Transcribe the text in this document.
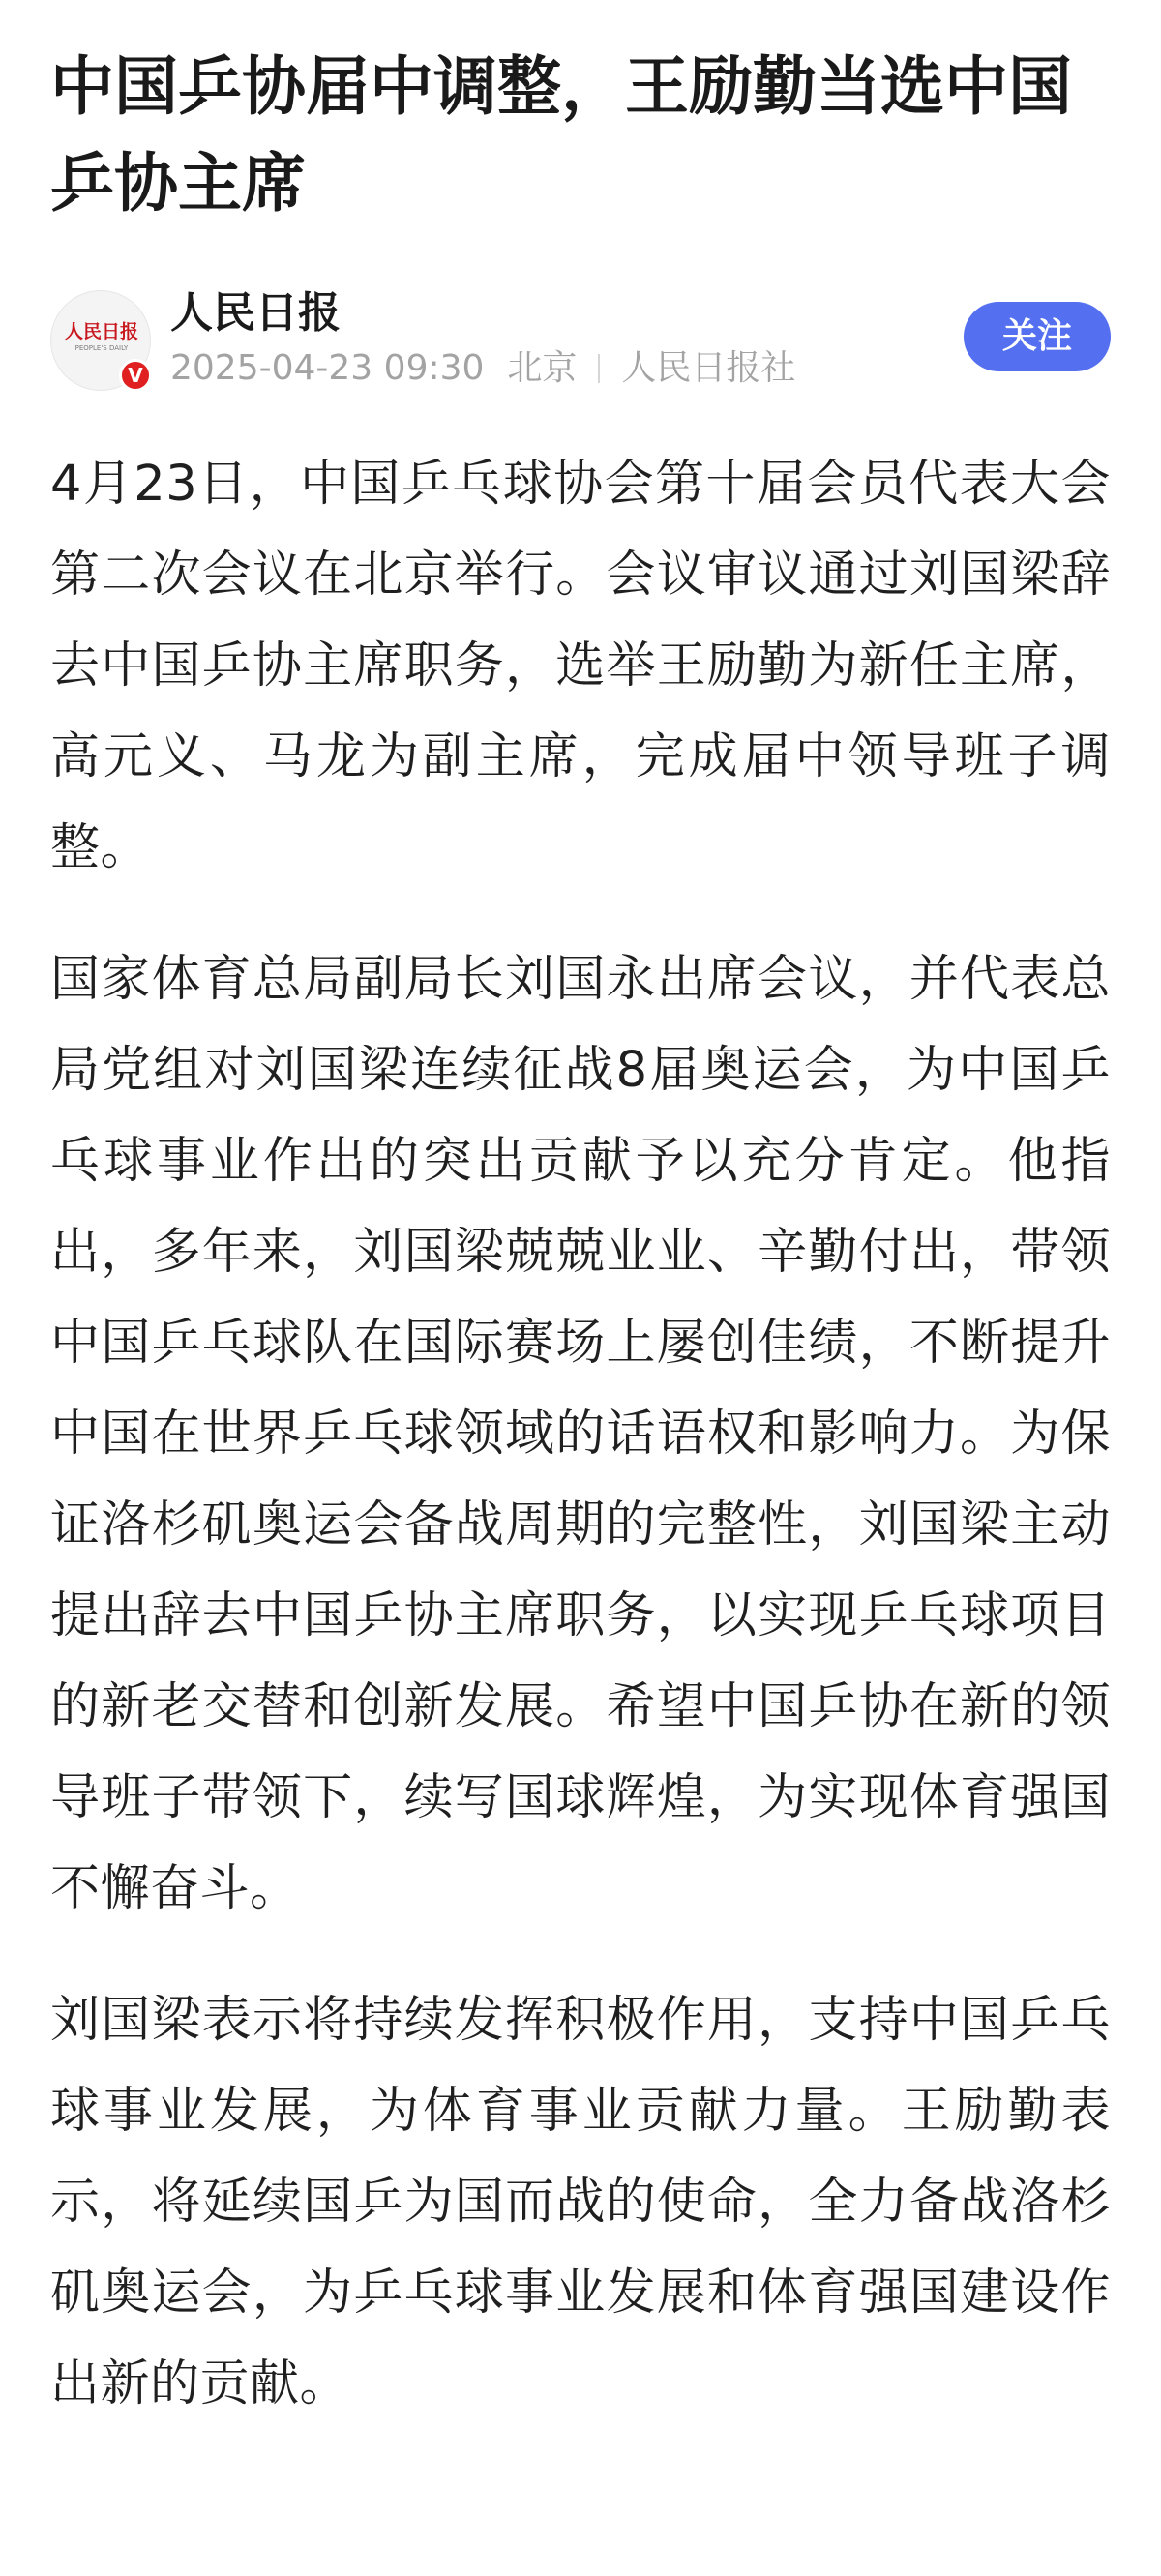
中国乒协届中调整，王励勤当选中国乒协主席
人民日报
PEOPLE'S DAILY
V
人民日报
2025-04-23 09:30 北京 人民日报社
关注

4月23日，中国乒乓球协会第十届会员代表大会第二次会议在北京举行。会议审议通过刘国梁辞去中国乒协主席职务，选举王励勤为新任主席，高元义、马龙为副主席，完成届中领导班子调整。

国家体育总局副局长刘国永出席会议，并代表总局党组对刘国梁连续征战8届奥运会，为中国乒乓球事业作出的突出贡献予以充分肯定。他指出，多年来，刘国梁兢兢业业、辛勤付出，带领中国乒乓球队在国际赛场上屡创佳绩，不断提升中国在世界乒乓球领域的话语权和影响力。为保证洛杉矶奥运会备战周期的完整性，刘国梁主动提出辞去中国乒协主席职务，以实现乒乓球项目的新老交替和创新发展。希望中国乒协在新的领导班子带领下，续写国球辉煌，为实现体育强国不懈奋斗。

刘国梁表示将持续发挥积极作用，支持中国乒乓球事业发展，为体育事业贡献力量。王励勤表示，将延续国乒为国而战的使命，全力备战洛杉矶奥运会，为乒乓球事业发展和体育强国建设作出新的贡献。
